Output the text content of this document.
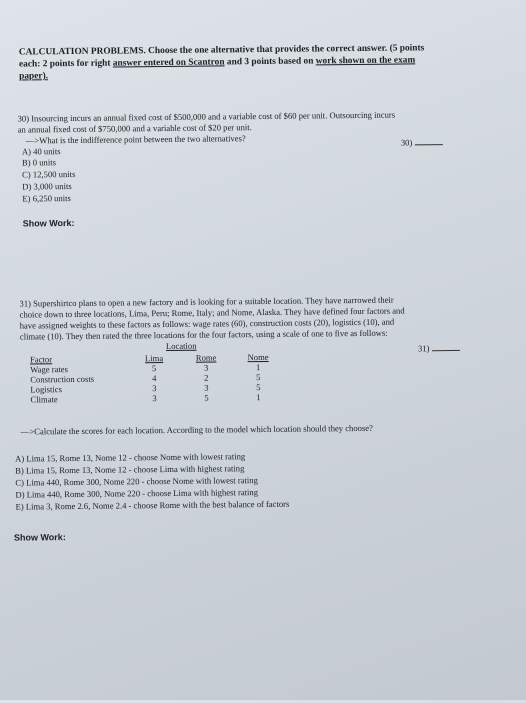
CALCULATION PROBLEMS. Choose the one alternative that provides the correct answer. (5 points
each: 2 points for right answer entered on Scantron and 3 points based on work shown on the exam
paper).
30) Insourcing incurs an annual fixed cost of $500,000 and a variable cost of $60 per unit. Outsourcing incurs
an annual fixed cost of $750,000 and a variable cost of $20 per unit.
—>What is the indifference point between the two alternatives?	30)
A) 40 units
B) 0 units
C) 12,500 units
D) 3,000 units
E) 6,250 units
Show Work:
31) Supershirtco plans to open a new factory and is looking for a suitable location. They have narrowed their
choice down to three locations, Lima, Peru; Rome, Italy; and Nome, Alaska. They have defined four factors and
have assigned weights to these factors as follows: wage rates (60), construction costs (20), logistics (10), and
climate (10). They then rated the three locations for the four factors, using a scale of one to five as follows:
Location	31)
Factor	Lima	Rome	Nome
Wage rates	5	3	1
Construction costs	4	2	5
Logistics	3	3	5
Climate	3	5	1
—>Calculate the scores for each location. According to the model which location should they choose?
A) Lima 15, Rome 13, Nome 12 - choose Nome with lowest rating
B) Lima 15, Rome 13, Nome 12 - choose Lima with highest rating
C) Lima 440, Rome 300, Nome 220 - choose Nome with lowest rating
D) Lima 440, Rome 300, Nome 220 - choose Lima with highest rating
E) Lima 3, Rome 2.6, Nome 2.4 - choose Rome with the best balance of factors
Show Work:
